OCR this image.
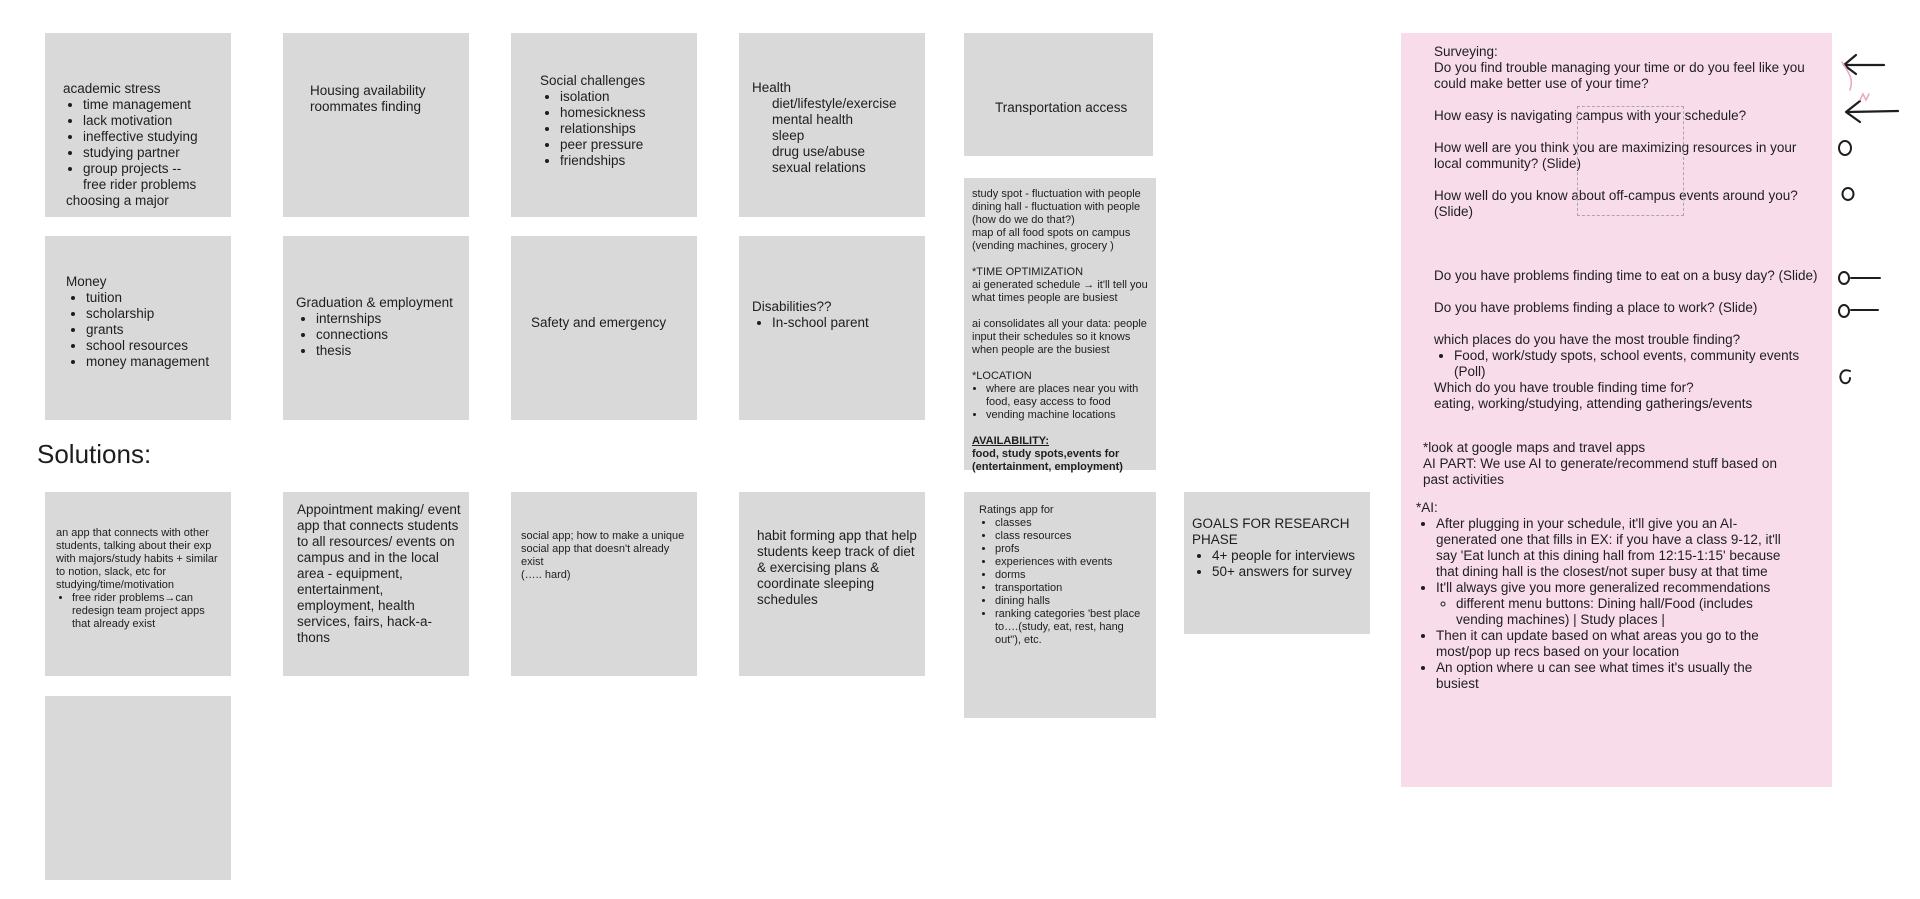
academic stress
• time management
• lack motivation
• ineffective studying
• studying partner
• group projects --
free rider problems
choosing a major
Housing availability
roommates finding
Social challenges
• isolation
• homesickness
• relationships
• peer pressure
• friendships
Health
diet/lifestyle/exercise
mental health
sleep
drug use/abuse
sexual relations
Transportation access
Money
• tuition
• scholarship
• grants
• school resources
• money management
Graduation & employment
• internships
• connections
• thesis
Safety and emergency
Disabilities??
• In-school parent
study spot - fluctuation with people
dining hall - fluctuation with people (how do we do that?)
map of all food spots on campus (vending machines, grocery )
*TIME OPTIMIZATION
ai generated schedule → it'll tell you what times people are busiest
ai consolidates all your data: people input their schedules so it knows when people are the busiest
*LOCATION
• where are places near you with food, easy access to food
• vending machine locations
AVAILABILITY:
food, study spots,events for (entertainment, employment)
Solutions:
an app that connects with other students, talking about their exp with majors/study habits + similar to notion, slack, etc for studying/time/motivation
• free rider problems→can redesign team project apps that already exist
Appointment making/ event app that connects students to all resources/ events on campus and in the local area - equipment, entertainment, employment, health services, fairs, hack-a-thons
social app; how to make a unique social app that doesn't already exist
(….. hard)
habit forming app that help students keep track of diet & exercising plans & coordinate sleeping schedules
Ratings app for
• classes
• class resources
• profs
• experiences with events
• dorms
• transportation
• dining halls
• ranking categories 'best place to….(study, eat, rest, hang out"), etc.
GOALS FOR RESEARCH PHASE
• 4+ people for interviews
• 50+ answers for survey

Surveying:

Do you find trouble managing your time or do you feel like you could make better use of your time?

How easy is navigating campus with your schedule?

How well are you think you are maximizing resources in your local community? (Slide)

How well do you know about off-campus events around you? (Slide)

Do you have problems finding time to eat on a busy day? (Slide)

Do you have problems finding a place to work? (Slide)

which places do you have the most trouble finding?

• Food, work/study spots, school events, community events (Poll)

Which do you have trouble finding time for?

eating, working/studying, attending gatherings/events

*look at google maps and travel apps

AI PART: We use AI to generate/recommend stuff based on past activities

*AI:

• After plugging in your schedule, it'll give you an AI-generated one that fills in EX: if you have a class 9-12, it'll say 'Eat lunch at this dining hall from 12:15-1:15' because that dining hall is the closest/not super busy at that time
• It'll always give you more generalized recommendations
◦ different menu buttons: Dining hall/Food (includes vending machines) | Study places |
• Then it can update based on what areas you go to the most/pop up recs based on your location
• An option where u can see what times it's usually the busiest
